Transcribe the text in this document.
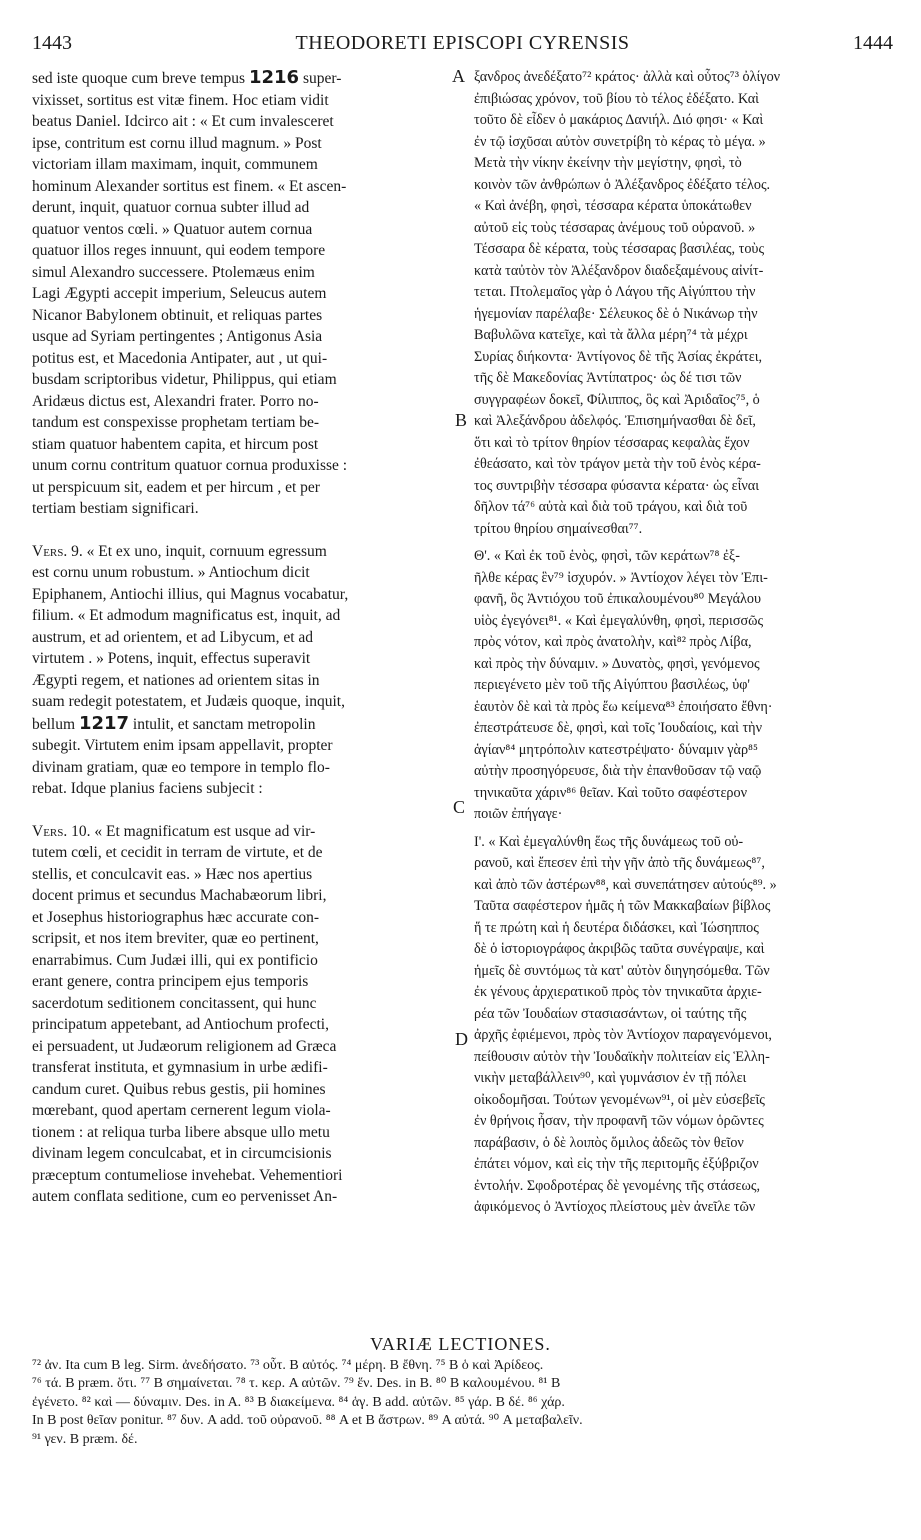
1443	THEODORETI EPISCOPI CYRENSIS	1444

sed iste quoque cum breve tempus 1216 super-
vixisset, sortitus est vitæ finem. Hoc etiam vidit
beatus Daniel. Idcirco ait : « Et cum invalesceret
ipse, contritum est cornu illud magnum. » Post
victoriam illam maximam, inquit, communem
hominum Alexander sortitus est finem. « Et ascen-
derunt, inquit, quatuor cornua subter illud ad
quatuor ventos cœli. » Quatuor autem cornua
quatuor illos reges innuunt, qui eodem tempore
simul Alexandro successere. Ptolemæus enim
Lagi Ægypti accepit imperium, Seleucus autem
Nicanor Babylonem obtinuit, et reliquas partes
usque ad Syriam pertingentes ; Antigonus Asia
potitus est, et Macedonia Antipater, aut , ut qui-
busdam scriptoribus videtur, Philippus, qui etiam
Aridæus dictus est, Alexandri frater. Porro no-
tandum est conspexisse prophetam tertiam be-
stiam quatuor habentem capita, et hircum post
unum cornu contritum quatuor cornua produxisse :
ut perspicuum sit, eadem et per hircum , et per
tertiam bestiam significari.

Vers. 9. « Et ex uno, inquit, cornuum egressum
est cornu unum robustum. » Antiochum dicit
Epiphanem, Antiochi illius, qui Magnus vocabatur,
filium. « Et admodum magnificatus est, inquit, ad
austrum, et ad orientem, et ad Libycum, et ad
virtutem . » Potens, inquit, effectus superavit
Ægypti regem, et nationes ad orientem sitas in
suam redegit potestatem, et Judæis quoque, inquit,
bellum 1217 intulit, et sanctam metropolin
subegit. Virtutem enim ipsam appellavit, propter
divinam gratiam, quæ eo tempore in templo flo-
rebat. Idque planius faciens subjecit :

Vers. 10. « Et magnificatum est usque ad vir-
tutem cœli, et cecidit in terram de virtute, et de
stellis, et conculcavit eas. » Hæc nos apertius
docent primus et secundus Machabæorum libri,
et Josephus historiographus hæc accurate con-
scripsit, et nos item breviter, quæ eo pertinent,
enarrabimus. Cum Judæi illi, qui ex pontificio
erant genere, contra principem ejus temporis
sacerdotum seditionem concitassent, qui hunc
principatum appetebant, ad Antiochum profecti,
ei persuadent, ut Judæorum religionem ad Græca
transferat instituta, et gymnasium in urbe ædifi-
candum curet. Quibus rebus gestis, pii homines
mœrebant, quod apertam cernerent legum viola-
tionem : at reliqua turba libere absque ullo metu
divinam legem conculcabat, et in circumcisionis
præceptum contumeliose invehebat. Vehementiori
autem conflata seditione, cum eo pervenisset An-

A
B
C
D

ξανδρος ἀνεδέξατο⁷² κράτος· ἀλλὰ καὶ οὗτος⁷³ ὀλίγον
ἐπιβιώσας χρόνον, τοῦ βίου τὸ τέλος ἐδέξατο. Καὶ
τοῦτο δὲ εἶδεν ὁ μακάριος Δανιήλ. Διό φησι· « Καὶ
ἐν τῷ ἰσχῦσαι αὐτὸν συνετρίβη τὸ κέρας τὸ μέγα. »
Μετὰ τὴν νίκην ἐκείνην τὴν μεγίστην, φησὶ, τὸ
κοινὸν τῶν ἀνθρώπων ὁ Ἀλέξανδρος ἐδέξατο τέλος.
« Καὶ ἀνέβη, φησὶ, τέσσαρα κέρατα ὑποκάτωθεν
αὐτοῦ εἰς τοὺς τέσσαρας ἀνέμους τοῦ οὐρανοῦ. »
Τέσσαρα δὲ κέρατα, τοὺς τέσσαρας βασιλέας, τοὺς
κατὰ ταὐτὸν τὸν Ἀλέξανδρον διαδεξαμένους αἰνίτ-
τεται. Πτολεμαῖος γὰρ ὁ Λάγου τῆς Αἰγύπτου τὴν
ἡγεμονίαν παρέλαβε· Σέλευκος δὲ ὁ Νικάνωρ τὴν
Βαβυλῶνα κατεῖχε, καὶ τὰ ἄλλα μέρη⁷⁴ τὰ μέχρι
Συρίας διήκοντα· Ἀντίγονος δὲ τῆς Ἀσίας ἐκράτει,
τῆς δὲ Μακεδονίας Ἀντίπατρος· ὡς δέ τισι τῶν
συγγραφέων δοκεῖ, Φίλιππος, ὃς καὶ Ἀριδαῖος⁷⁵, ὁ
καὶ Ἀλεξάνδρου ἀδελφός. Ἐπισημήνασθαι δὲ δεῖ,
ὅτι καὶ τὸ τρίτον θηρίον τέσσαρας κεφαλὰς ἔχον
ἐθεάσατο, καὶ τὸν τράγον μετὰ τὴν τοῦ ἑνὸς κέρα-
τος συντριβὴν τέσσαρα φύσαντα κέρατα· ὡς εἶναι
δῆλον τά⁷⁶ αὐτὰ καὶ διὰ τοῦ τράγου, καὶ διὰ τοῦ
τρίτου θηρίου σημαίνεσθαι⁷⁷.

Θ'. « Καὶ ἐκ τοῦ ἑνὸς, φησὶ, τῶν κεράτων⁷⁸ ἐξ-
ῆλθε κέρας ἓν⁷⁹ ἰσχυρόν. » Ἀντίοχον λέγει τὸν Ἐπι-
φανῆ, ὃς Ἀντιόχου τοῦ ἐπικαλουμένου⁸⁰ Μεγάλου
υἱὸς ἐγεγόνει⁸¹. « Καὶ ἐμεγαλύνθη, φησὶ, περισσῶς
πρὸς νότον, καὶ πρὸς ἀνατολὴν, καὶ⁸² πρὸς Λίβα,
καὶ πρὸς τὴν δύναμιν. » Δυνατὸς, φησὶ, γενόμενος
περιεγένετο μὲν τοῦ τῆς Αἰγύπτου βασιλέως, ὑφ'
ἑαυτὸν δὲ καὶ τὰ πρὸς ἕω κείμενα⁸³ ἐποιήσατο ἔθνη·
ἐπεστράτευσε δὲ, φησὶ, καὶ τοῖς Ἰουδαίοις, καὶ τὴν
ἁγίαν⁸⁴ μητρόπολιν κατεστρέψατο· δύναμιν γὰρ⁸⁵
αὐτὴν προσηγόρευσε, διὰ τὴν ἐπανθοῦσαν τῷ ναῷ
τηνικαῦτα χάριν⁸⁶ θεῖαν. Καὶ τοῦτο σαφέστερον
ποιῶν ἐπήγαγε·

Ι'. « Καὶ ἐμεγαλύνθη ἕως τῆς δυνάμεως τοῦ οὐ-
ρανοῦ, καὶ ἔπεσεν ἐπὶ τὴν γῆν ἀπὸ τῆς δυνάμεως⁸⁷,
καὶ ἀπὸ τῶν ἀστέρων⁸⁸, καὶ συνεπάτησεν αὐτούς⁸⁹. »
Ταῦτα σαφέστερον ἡμᾶς ἡ τῶν Μακκαβαίων βίβλος
ἥ τε πρώτη καὶ ἡ δευτέρα διδάσκει, καὶ Ἰώσηππος
δὲ ὁ ἱστοριογράφος ἀκριβῶς ταῦτα συνέγραψε, καὶ
ἡμεῖς δὲ συντόμως τὰ κατ' αὐτὸν διηγησόμεθα. Τῶν
ἐκ γένους ἀρχιερατικοῦ πρὸς τὸν τηνικαῦτα ἀρχιε-
ρέα τῶν Ἰουδαίων στασιασάντων, οἱ ταύτης τῆς
ἀρχῆς ἐφιέμενοι, πρὸς τὸν Ἀντίοχον παραγενόμενοι,
πείθουσιν αὐτὸν τὴν Ἰουδαϊκὴν πολιτείαν εἰς Ἑλλη-
νικὴν μεταβάλλειν⁹⁰, καὶ γυμνάσιον ἐν τῇ πόλει
οἰκοδομῆσαι. Τούτων γενομένων⁹¹, οἱ μὲν εὐσεβεῖς
ἐν θρήνοις ἦσαν, τὴν προφανῆ τῶν νόμων ὁρῶντες
παράβασιν, ὁ δὲ λοιπὸς ὅμιλος ἀδεῶς τὸν θεῖον
ἐπάτει νόμον, καὶ εἰς τὴν τῆς περιτομῆς ἐξύβριζον
ἐντολήν. Σφοδροτέρας δὲ γενομένης τῆς στάσεως,
ἀφικόμενος ὁ Ἀντίοχος πλείστους μὲν ἀνεῖλε τῶν

VARIÆ LECTIONES.

⁷² ἀν. Ita cum B leg. Sirm. ἀνεδήσατο. ⁷³ οὗτ. B αὐτός. ⁷⁴ μέρη. B ἔθνη. ⁷⁵ B ὁ καὶ Ἀρίδεος.
⁷⁶ τά. B præm. ὅτι. ⁷⁷ B σημαίνεται. ⁷⁸ τ. κερ. A αὐτῶν. ⁷⁹ ἕν. Des. in B. ⁸⁰ B καλουμένου. ⁸¹ B
ἐγένετο. ⁸² καὶ — δύναμιν. Des. in A. ⁸³ B διακείμενα. ⁸⁴ ἁγ. B add. αὐτῶν. ⁸⁵ γάρ. B δέ. ⁸⁶ χάρ.
In B post θεῖαν ponitur. ⁸⁷ δυν. A add. τοῦ οὐρανοῦ. ⁸⁸ A et B ἄστρων. ⁸⁹ A αὐτά. ⁹⁰ A μεταβαλεῖν.
⁹¹ γεν. B præm. δέ.
